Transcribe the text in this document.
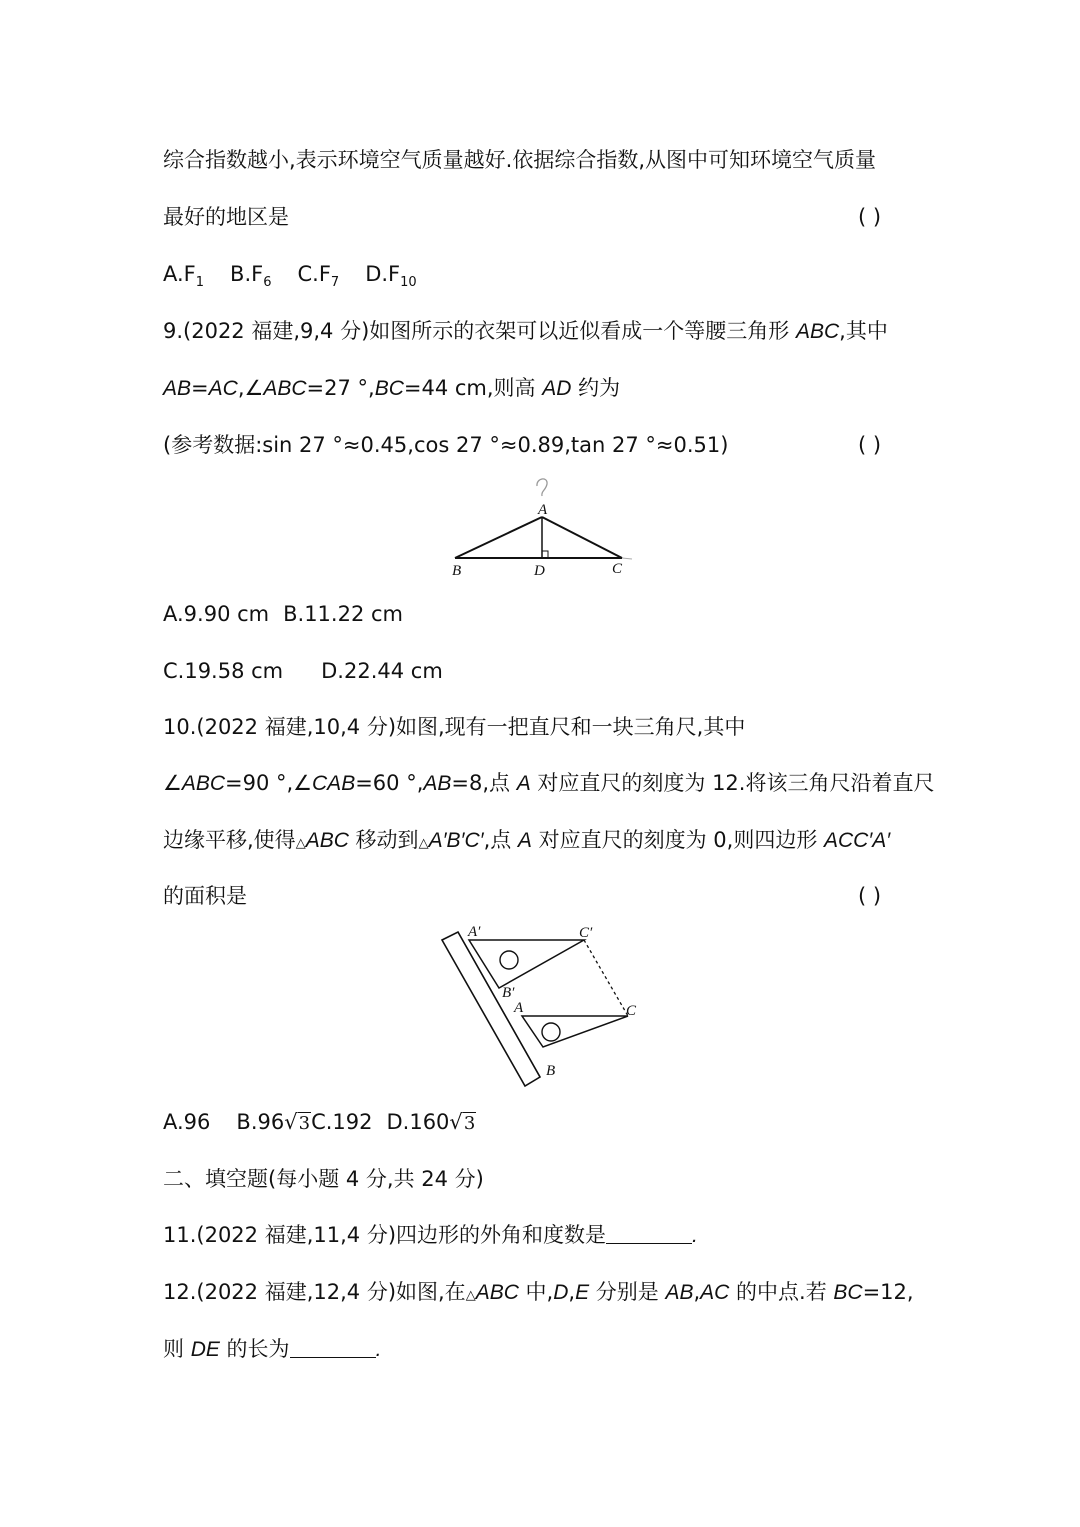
综合指数越小,表示环境空气质量越好.依据综合指数,从图中可知环境空气质量
最好的地区是	( )
$A.F_1$ $B.F_6$ $C.F_7$ $D.F_{10}$
9.(2022 福建,9,4 分)如图所示的衣架可以近似看成一个等腰三角形 ABC,其中
AB=AC,∠ABC=27 °,BC=44 cm,则高 AD 约为
(参考数据:sin 27 °≈0.45,cos 27 °≈0.89,tan 27 °≈0.51)	( )
A
B	D	C
A.9.90 cm B.11.22 cm
C.19.58 cm D.22.44 cm
10.(2022 福建,10,4 分)如图,现有一把直尺和一块三角尺,其中
∠ABC=90 °,∠CAB=60 °,AB=8,点 A 对应直尺的刻度为 12.将该三角尺沿着直尺
边缘平移,使得△ABC 移动到△A′B′C′,点 A 对应直尺的刻度为 0,则四边形 ACC′A′
的面积是	( )
A′	C′
B′
A	C
B
A.96 B.96√3C.192 D.160√3
二、填空题(每小题 4 分,共 24 分)
11.(2022 福建,11,4 分)四边形的外角和度数是	.
12.(2022 福建,12,4 分)如图,在△ABC 中,D,E 分别是 AB,AC 的中点.若 BC=12,
则 DE 的长为	.
